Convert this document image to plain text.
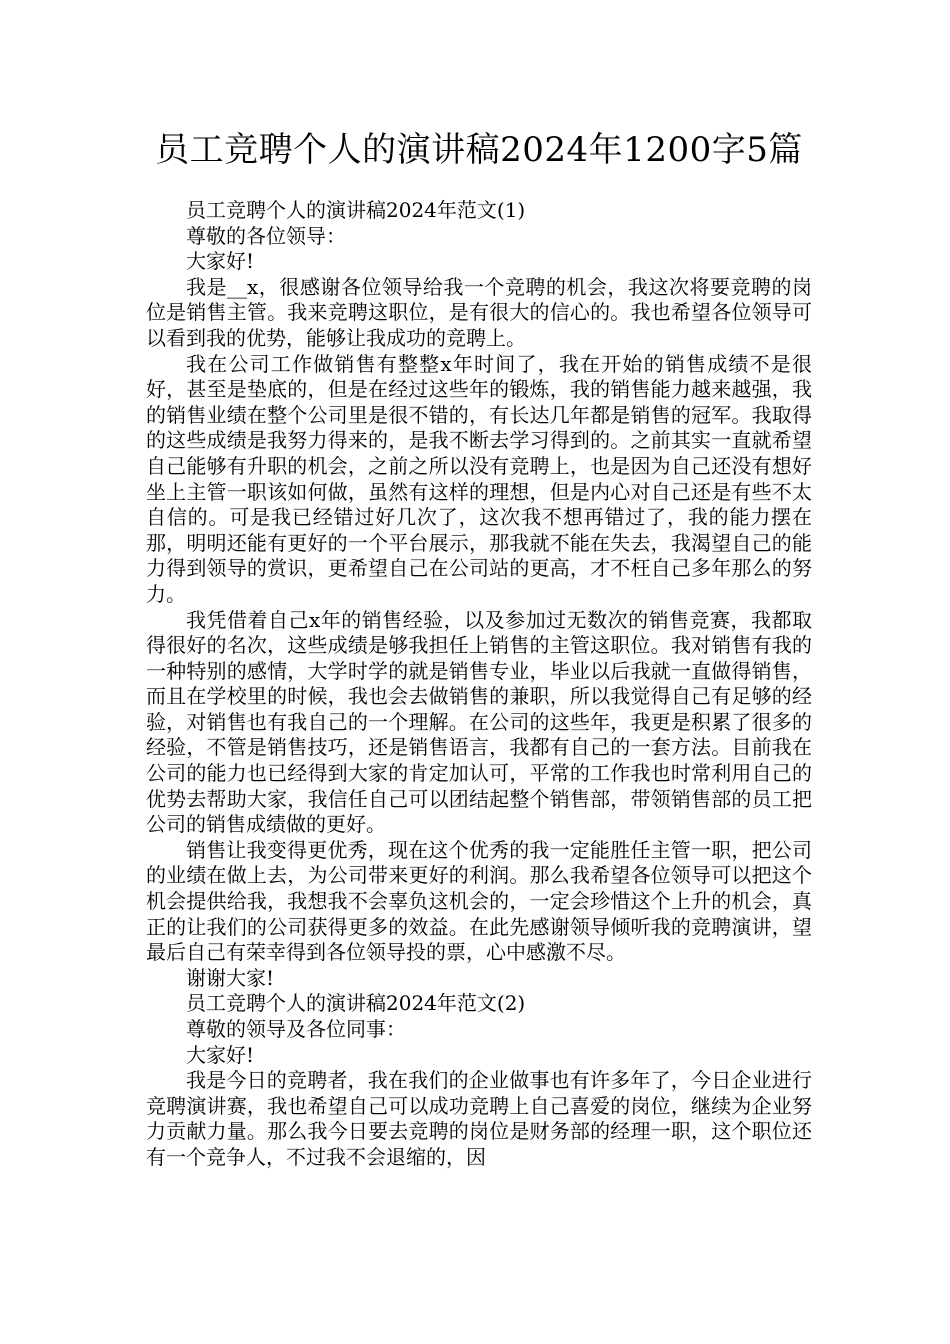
员工竞聘个人的演讲稿2024年1200字5篇

员工竞聘个人的演讲稿2024年范文(1)

尊敬的各位领导：

大家好!

我是__x，很感谢各位领导给我一个竞聘的机会，我这次将要竞聘的岗位是销售主管。我来竞聘这职位，是有很大的信心的。我也希望各位领导可以看到我的优势，能够让我成功的竞聘上。

我在公司工作做销售有整整x年时间了，我在开始的销售成绩不是很好，甚至是垫底的，但是在经过这些年的锻炼，我的销售能力越来越强，我的销售业绩在整个公司里是很不错的，有长达几年都是销售的冠军。我取得的这些成绩是我努力得来的，是我不断去学习得到的。之前其实一直就希望自己能够有升职的机会，之前之所以没有竞聘上，也是因为自己还没有想好坐上主管一职该如何做，虽然有这样的理想，但是内心对自己还是有些不太自信的。可是我已经错过好几次了，这次我不想再错过了，我的能力摆在那，明明还能有更好的一个平台展示，那我就不能在失去，我渴望自己的能力得到领导的赏识，更希望自己在公司站的更高，才不枉自己多年那么的努力。

我凭借着自己x年的销售经验，以及参加过无数次的销售竞赛，我都取得很好的名次，这些成绩是够我担任上销售的主管这职位。我对销售有我的一种特别的感情，大学时学的就是销售专业，毕业以后我就一直做得销售，而且在学校里的时候，我也会去做销售的兼职，所以我觉得自己有足够的经验，对销售也有我自己的一个理解。在公司的这些年，我更是积累了很多的经验，不管是销售技巧，还是销售语言，我都有自己的一套方法。目前我在公司的能力也已经得到大家的肯定加认可，平常的工作我也时常利用自己的优势去帮助大家，我信任自己可以团结起整个销售部，带领销售部的员工把公司的销售成绩做的更好。

销售让我变得更优秀，现在这个优秀的我一定能胜任主管一职，把公司的业绩在做上去，为公司带来更好的利润。那么我希望各位领导可以把这个机会提供给我，我想我不会辜负这机会的，一定会珍惜这个上升的机会，真正的让我们的公司获得更多的效益。在此先感谢领导倾听我的竞聘演讲，望最后自己有荣幸得到各位领导投的票，心中感激不尽。

谢谢大家!

员工竞聘个人的演讲稿2024年范文(2)

尊敬的领导及各位同事：

大家好!

我是今日的竞聘者，我在我们的企业做事也有许多年了，今日企业进行竞聘演讲赛，我也希望自己可以成功竞聘上自己喜爱的岗位，继续为企业努力贡献力量。那么我今日要去竞聘的岗位是财务部的经理一职，这个职位还有一个竞争人，不过我不会退缩的，因
